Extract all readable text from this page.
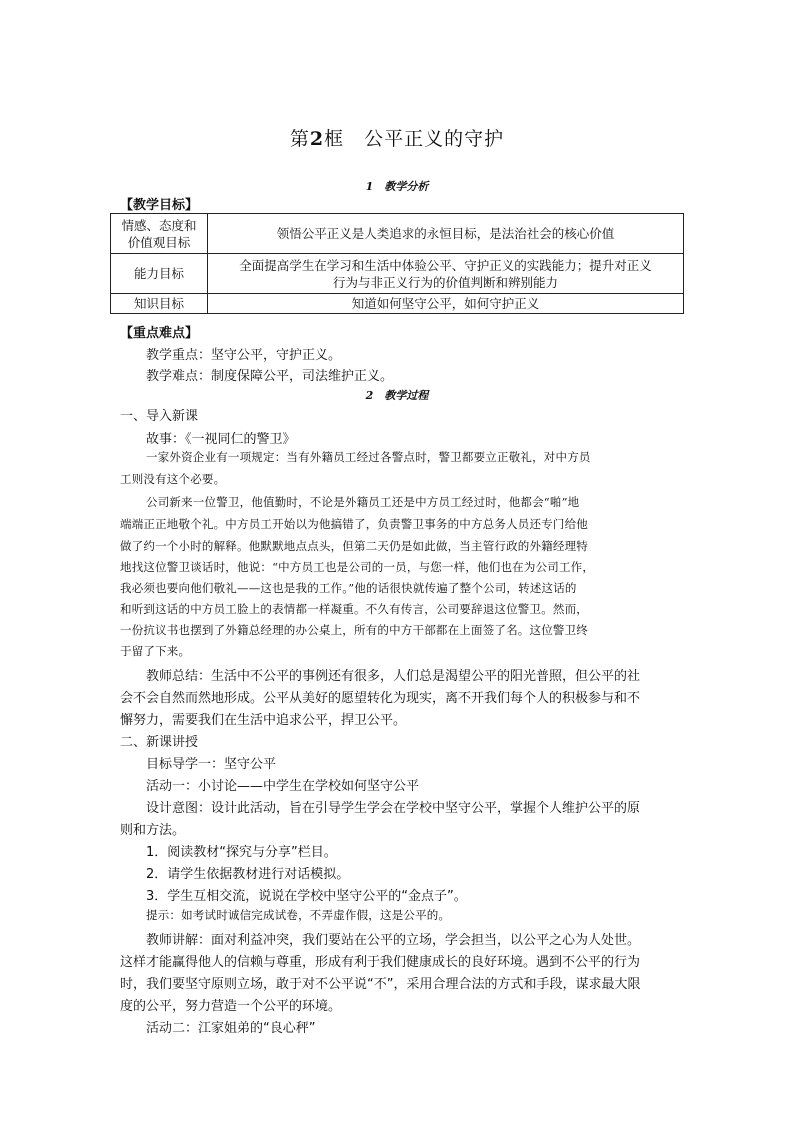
第2框　公平正义的守护
1　教学分析
【教学目标】
情感、态度和
价值观目标	领悟公平正义是人类追求的永恒目标，是法治社会的核心价值

能力目标	全面提高学生在学习和生活中体验公平、守护正义的实践能力；提升对正义
行为与非正义行为的价值判断和辨别能力

知识目标	知道如何坚守公平，如何守护正义
【重点难点】
教学重点：坚守公平，守护正义。
教学难点：制度保障公平，司法维护正义。
2　教学过程
一、导入新课
故事：《一视同仁的警卫》
一家外资企业有一项规定：当有外籍员工经过各警点时，警卫都要立正敬礼，对中方员
工则没有这个必要。
公司新来一位警卫，他值勤时，不论是外籍员工还是中方员工经过时，他都会“啪”地
端端正正地敬个礼。中方员工开始以为他搞错了，负责警卫事务的中方总务人员还专门给他
做了约一个小时的解释。他默默地点点头，但第二天仍是如此做，当主管行政的外籍经理特
地找这位警卫谈话时，他说：“中方员工也是公司的一员，与您一样，他们也在为公司工作，
我必须也要向他们敬礼——这也是我的工作。”他的话很快就传遍了整个公司，转述这话的
和听到这话的中方员工脸上的表情都一样凝重。不久有传言，公司要辞退这位警卫。然而，
一份抗议书也摆到了外籍总经理的办公桌上，所有的中方干部都在上面签了名。这位警卫终
于留了下来。
教师总结：生活中不公平的事例还有很多，人们总是渴望公平的阳光普照，但公平的社
会不会自然而然地形成。公平从美好的愿望转化为现实，离不开我们每个人的积极参与和不
懈努力，需要我们在生活中追求公平，捍卫公平。
二、新课讲授
目标导学一：坚守公平
活动一：小讨论——中学生在学校如何坚守公平
设计意图：设计此活动，旨在引导学生学会在学校中坚守公平，掌握个人维护公平的原
则和方法。
1．阅读教材“探究与分享”栏目。
2．请学生依据教材进行对话模拟。
3．学生互相交流，说说在学校中坚守公平的“金点子”。
提示：如考试时诚信完成试卷，不弄虚作假，这是公平的。
教师讲解：面对利益冲突，我们要站在公平的立场，学会担当，以公平之心为人处世。
这样才能赢得他人的信赖与尊重，形成有利于我们健康成长的良好环境。遇到不公平的行为
时，我们要坚守原则立场，敢于对不公平说“不”，采用合理合法的方式和手段，谋求最大限
度的公平，努力营造一个公平的环境。
活动二：江家姐弟的“良心秤”
